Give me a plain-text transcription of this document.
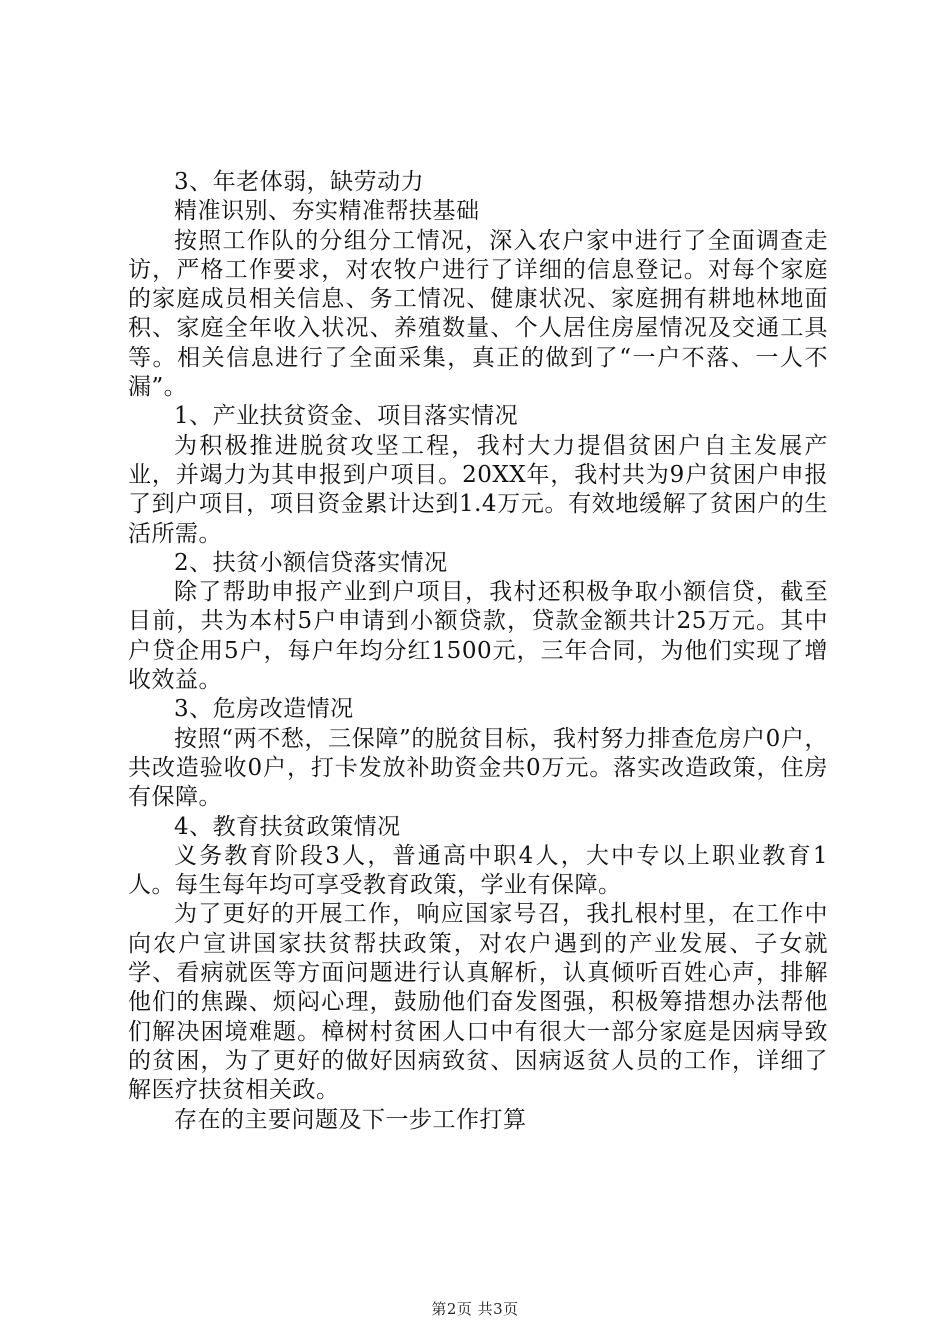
3、年老体弱，缺劳动力

精准识别、夯实精准帮扶基础

按照工作队的分组分工情况，深入农户家中进行了全面调查走访，严格工作要求，对农牧户进行了详细的信息登记。对每个家庭的家庭成员相关信息、务工情况、健康状况、家庭拥有耕地林地面积、家庭全年收入状况、养殖数量、个人居住房屋情况及交通工具等。相关信息进行了全面采集，真正的做到了“一户不落、一人不漏”。

1、产业扶贫资金、项目落实情况

为积极推进脱贫攻坚工程，我村大力提倡贫困户自主发展产业，并竭力为其申报到户项目。20XX年，我村共为9户贫困户申报了到户项目，项目资金累计达到1.4万元。有效地缓解了贫困户的生活所需。

2、扶贫小额信贷落实情况

除了帮助申报产业到户项目，我村还积极争取小额信贷，截至目前，共为本村5户申请到小额贷款，贷款金额共计25万元。其中户贷企用5户，每户年均分红1500元，三年合同，为他们实现了增收效益。

3、危房改造情况

按照“两不愁，三保障”的脱贫目标，我村努力排查危房户0户，共改造验收0户，打卡发放补助资金共0万元。落实改造政策，住房有保障。

4、教育扶贫政策情况

义务教育阶段3人，普通高中职4人，大中专以上职业教育1人。每生每年均可享受教育政策，学业有保障。

为了更好的开展工作，响应国家号召，我扎根村里，在工作中向农户宣讲国家扶贫帮扶政策，对农户遇到的产业发展、子女就学、看病就医等方面问题进行认真解析，认真倾听百姓心声，排解他们的焦躁、烦闷心理，鼓励他们奋发图强，积极筹措想办法帮他们解决困境难题。樟树村贫困人口中有很大一部分家庭是因病导致的贫困，为了更好的做好因病致贫、因病返贫人员的工作，详细了解医疗扶贫相关政。

存在的主要问题及下一步工作打算

第2页 共3页
